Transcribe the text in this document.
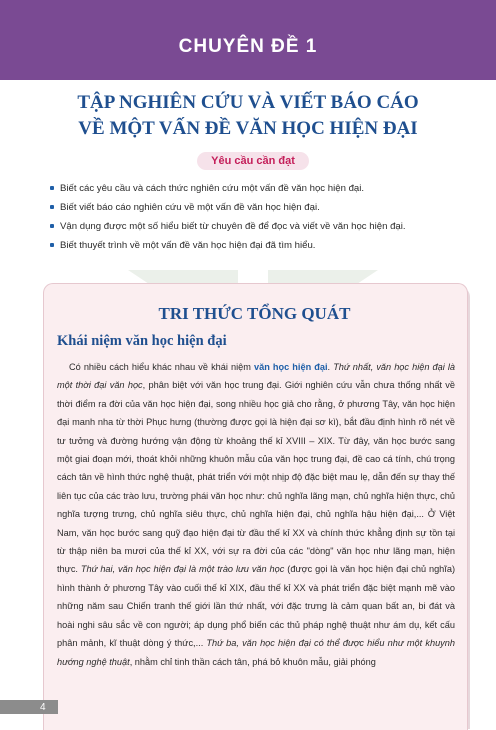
CHUYÊN ĐỀ 1
TẬP NGHIÊN CỨU VÀ VIẾT BÁO CÁO
VỀ MỘT VẤN ĐỀ VĂN HỌC HIỆN ĐẠI
Yêu cầu cần đạt
Biết các yêu cầu và cách thức nghiên cứu một vấn đề văn học hiện đại.
Biết viết báo cáo nghiên cứu về một vấn đề văn học hiện đại.
Vận dụng được một số hiểu biết từ chuyên đề để đọc và viết về văn học hiện đại.
Biết thuyết trình về một vấn đề văn học hiện đại đã tìm hiểu.
TRI THỨC TỔNG QUÁT
Khái niệm văn học hiện đại

Có nhiều cách hiểu khác nhau về khái niệm văn học hiện đại. Thứ nhất, văn học hiện đại là một thời đại văn học, phân biệt với văn học trung đại. Giới nghiên cứu vẫn chưa thống nhất về thời điểm ra đời của văn học hiện đại, song nhiều học giả cho rằng, ở phương Tây, văn học hiện đại manh nha từ thời Phục hưng (thường được gọi là hiện đại sơ kì), bắt đầu định hình rõ nét về tư tưởng và đường hướng vận động từ khoảng thế kỉ XVIII – XIX. Từ đây, văn học bước sang một giai đoạn mới, thoát khỏi những khuôn mẫu của văn học trung đại, đề cao cá tính, chú trọng cách tân về hình thức nghệ thuật, phát triển với một nhịp độ đặc biệt mau lẹ, dẫn đến sự thay thế liên tục của các trào lưu, trường phái văn học như: chủ nghĩa lãng mạn, chủ nghĩa hiện thực, chủ nghĩa tượng trưng, chủ nghĩa siêu thực, chủ nghĩa hiện đại, chủ nghĩa hậu hiện đại,... Ở Việt Nam, văn học bước sang quỹ đạo hiện đại từ đầu thế kỉ XX và chính thức khẳng định sự tồn tại từ thập niên ba mươi của thế kỉ XX, với sự ra đời của các "dòng" văn học như lãng mạn, hiện thực. Thứ hai, văn học hiện đại là một trào lưu văn học (được gọi là văn học hiện đại chủ nghĩa) hình thành ở phương Tây vào cuối thế kỉ XIX, đầu thế kỉ XX và phát triển đặc biệt mạnh mẽ vào những năm sau Chiến tranh thế giới lần thứ nhất, với đặc trưng là cảm quan bất an, bi đát và hoài nghi sâu sắc về con người; áp dụng phổ biến các thủ pháp nghệ thuật như ám dụ, kết cấu phân mảnh, kĩ thuật dòng ý thức,... Thứ ba, văn học hiện đại có thể được hiểu như một khuynh hướng nghệ thuật, nhằm chỉ tinh thần cách tân, phá bỏ khuôn mẫu, giải phóng

4
